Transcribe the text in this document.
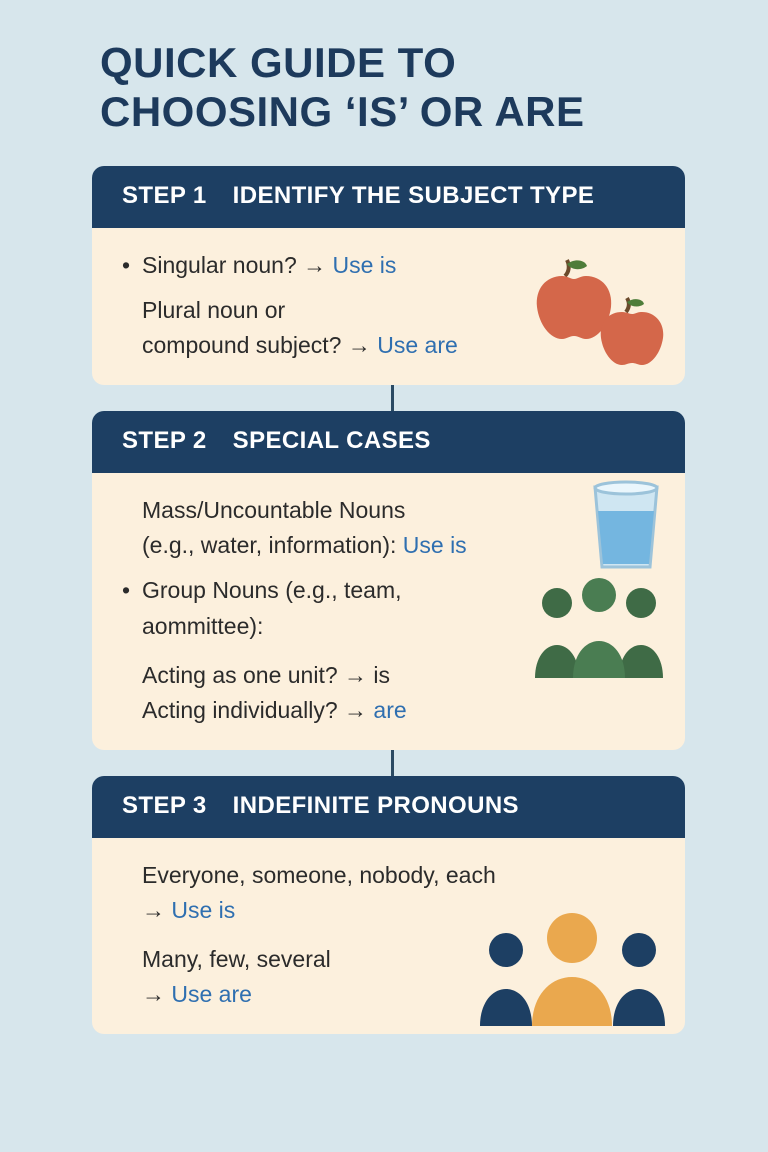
QUICK GUIDE TO
CHOOSING ‘IS’ OR ARE
STEP 1 IDENTIFY THE SUBJECT TYPE
• Singular noun? → Use is
Plural noun or
compound subject? → Use are
STEP 2 SPECIAL CASES
Mass/Uncountable Nouns
(e.g., water, information): Use is
• Group Nouns (e.g., team,
aommittee):
Acting as one unit? → is
Acting individually? → are
STEP 3 INDEFINITE PRONOUNS
Everyone, someone, nobody, each
→ Use is
Many, few, several
→ Use are
